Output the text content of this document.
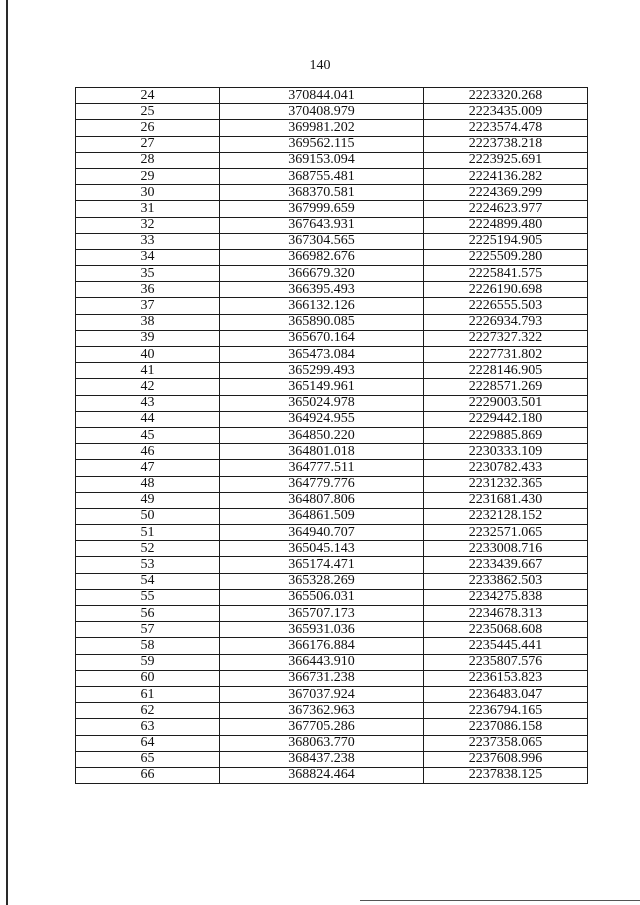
140
24	370844.041	2223320.268
25	370408.979	2223435.009
26	369981.202	2223574.478
27	369562.115	2223738.218
28	369153.094	2223925.691
29	368755.481	2224136.282
30	368370.581	2224369.299
31	367999.659	2224623.977
32	367643.931	2224899.480
33	367304.565	2225194.905
34	366982.676	2225509.280
35	366679.320	2225841.575
36	366395.493	2226190.698
37	366132.126	2226555.503
38	365890.085	2226934.793
39	365670.164	2227327.322
40	365473.084	2227731.802
41	365299.493	2228146.905
42	365149.961	2228571.269
43	365024.978	2229003.501
44	364924.955	2229442.180
45	364850.220	2229885.869
46	364801.018	2230333.109
47	364777.511	2230782.433
48	364779.776	2231232.365
49	364807.806	2231681.430
50	364861.509	2232128.152
51	364940.707	2232571.065
52	365045.143	2233008.716
53	365174.471	2233439.667
54	365328.269	2233862.503
55	365506.031	2234275.838
56	365707.173	2234678.313
57	365931.036	2235068.608
58	366176.884	2235445.441
59	366443.910	2235807.576
60	366731.238	2236153.823
61	367037.924	2236483.047
62	367362.963	2236794.165
63	367705.286	2237086.158
64	368063.770	2237358.065
65	368437.238	2237608.996
66	368824.464	2237838.125
